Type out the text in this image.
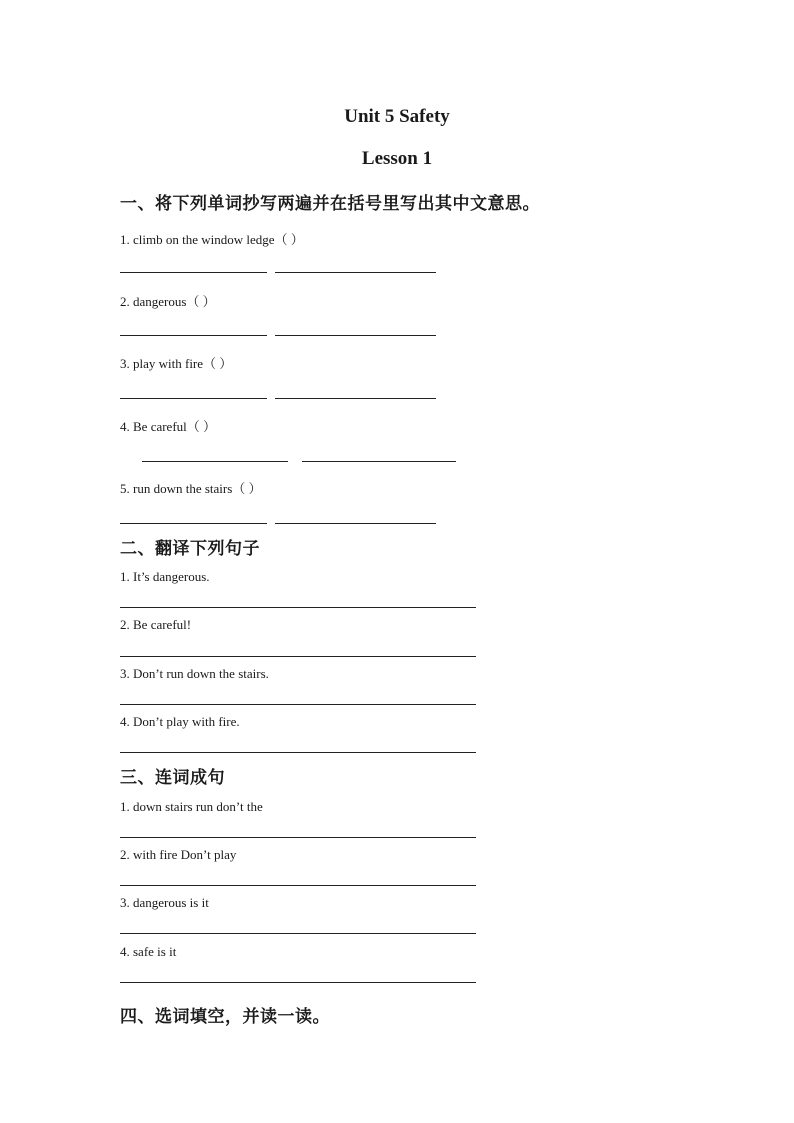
Unit 5 Safety
Lesson 1
一、将下列单词抄写两遍并在括号里写出其中文意思。
1. climb on the window ledge（ ）
2. dangerous（ ）
3. play with fire（ ）
4. Be careful（ ）
5. run down the stairs（ ）
二、翻译下列句子
1. It’s dangerous.
2. Be careful!
3. Don’t run down the stairs.
4. Don’t play with fire.
三、连词成句
1. down stairs run don’t the
2. with fire Don’t play
3. dangerous is it
4. safe is it
四、选词填空，并读一读。
